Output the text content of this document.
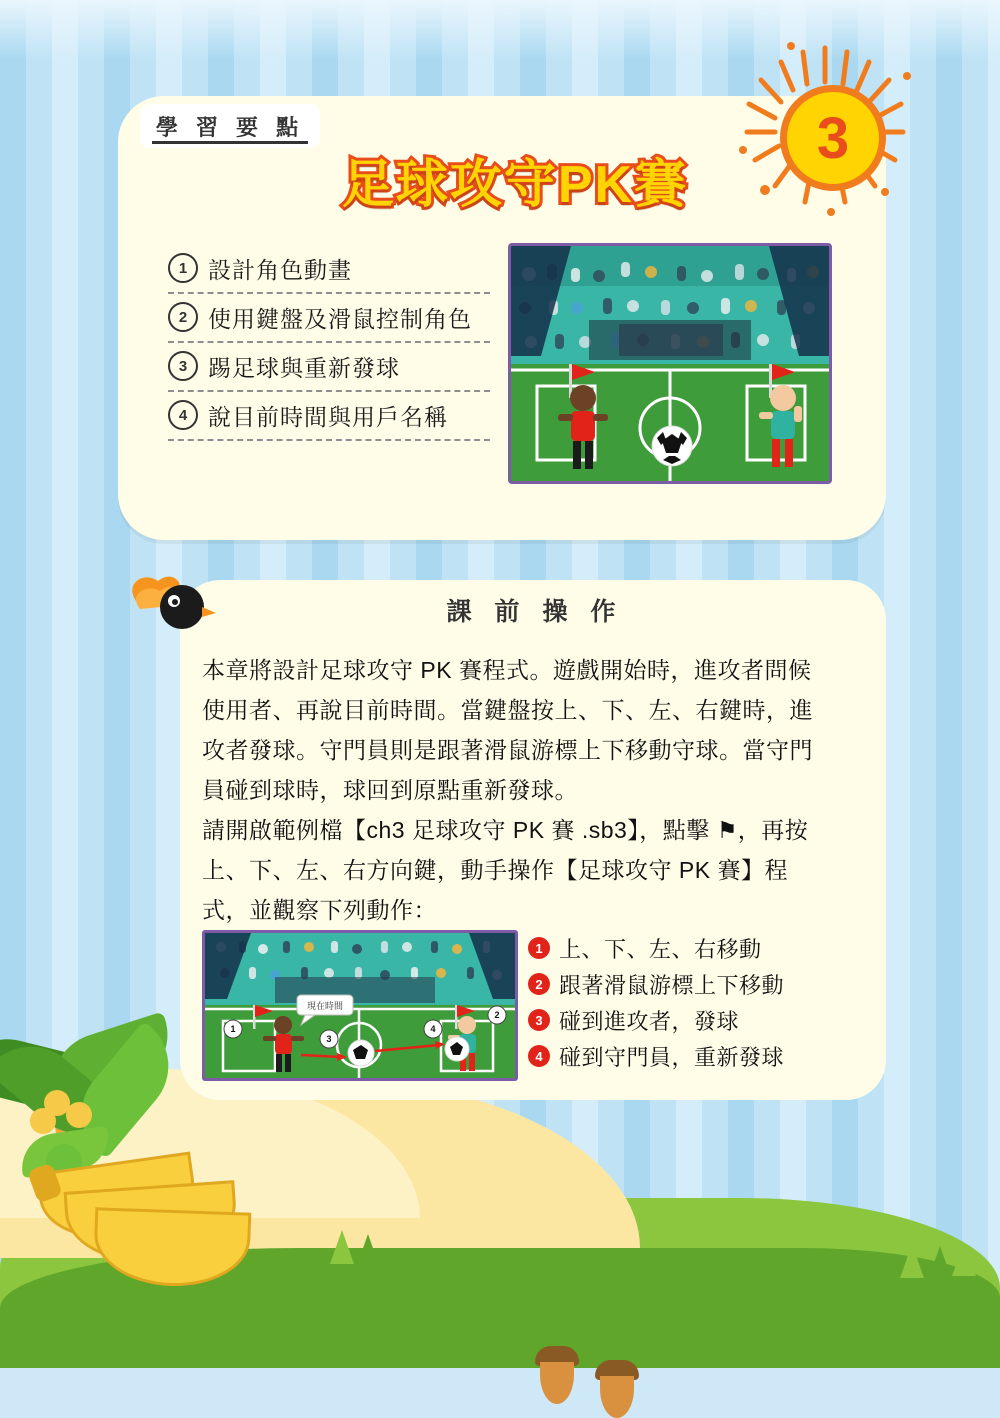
學 習 要 點	3
足球攻守PK賽
1 設計角色動畫
2 使用鍵盤及滑鼠控制角色
3 踢足球與重新發球
4 說目前時間與用戶名稱
課 前 操 作

本章將設計足球攻守 PK 賽程式。遊戲開始時，進攻者問候使用者、再說目前時間。當鍵盤按上、下、左、右鍵時，進攻者發球。守門員則是跟著滑鼠游標上下移動守球。當守門員碰到球時，球回到原點重新發球。

請開啟範例檔【ch3 足球攻守 PK 賽 .sb3】，點擊 ⚑，再按上、下、左、右方向鍵，動手操作【足球攻守 PK 賽】程式，並觀察下列動作：

現在時間
1
2
3
4
1 上、下、左、右移動
2 跟著滑鼠游標上下移動
3 碰到進攻者，發球
4 碰到守門員，重新發球
